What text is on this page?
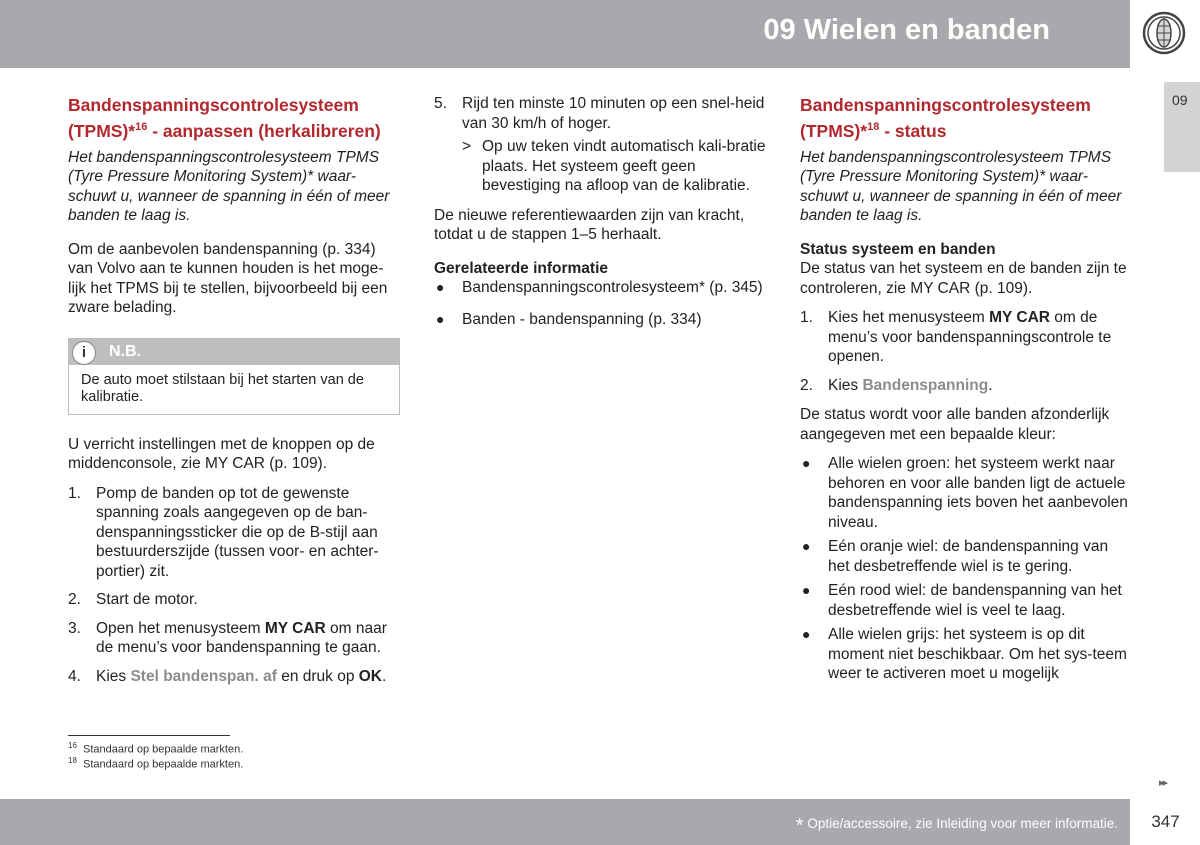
09 Wielen en banden
09
Bandenspanningscontrolesysteem (TPMS)*$^{16}$ - aanpassen (herkalibreren)

Het bandenspanningscontrolesysteem TPMS (Tyre Pressure Monitoring System)* waar-schuwt u, wanneer de spanning in één of meer banden te laag is.

Om de aanbevolen bandenspanning (p. 334) van Volvo aan te kunnen houden is het moge-lijk het TPMS bij te stellen, bijvoorbeeld bij een zware belading.

i	N.B.
De auto moet stilstaan bij het starten van de kalibratie.

U verricht instellingen met de knoppen op de middenconsole, zie MY CAR (p. 109).

1. Pomp de banden op tot de gewenste spanning zoals aangegeven op de ban-denspanningssticker die op de B-stijl aan bestuurderszijde (tussen voor- en achter-portier) zit.
2. Start de motor.
3. Open het menusysteem MY CAR om naar de menu’s voor bandenspanning te gaan.
4. Kies Stel bandenspan. af en druk op OK.
5. Rijd ten minste 10 minuten op een snel-heid van 30 km/h of hoger.
> Op uw teken vindt automatisch kali-bratie plaats. Het systeem geeft geen bevestiging na afloop van de kalibratie.

De nieuwe referentiewaarden zijn van kracht, totdat u de stappen 1–5 herhaalt.

Gerelateerde informatie
● Bandenspanningscontrolesysteem* (p. 345)
● Banden - bandenspanning (p. 334)
Bandenspanningscontrolesysteem (TPMS)*$^{18}$ - status

Het bandenspanningscontrolesysteem TPMS (Tyre Pressure Monitoring System)* waar-schuwt u, wanneer de spanning in één of meer banden te laag is.

Status systeem en banden

De status van het systeem en de banden zijn te controleren, zie MY CAR (p. 109).

1. Kies het menusysteem MY CAR om de menu’s voor bandenspanningscontrole te openen.
2. Kies Bandenspanning.

De status wordt voor alle banden afzonderlijk aangegeven met een bepaalde kleur:

● Alle wielen groen: het systeem werkt naar behoren en voor alle banden ligt de actuele bandenspanning iets boven het aanbevolen niveau.
● Eén oranje wiel: de bandenspanning van het desbetreffende wiel is te gering.
● Eén rood wiel: de bandenspanning van het desbetreffende wiel is veel te laag.
● Alle wielen grijs: het systeem is op dit moment niet beschikbaar. Om het sys-teem weer te activeren moet u mogelijk
$^{16}$ Standaard op bepaalde markten.
$^{18}$ Standaard op bepaalde markten.
▸▸
* Optie/accessoire, zie Inleiding voor meer informatie.	347
